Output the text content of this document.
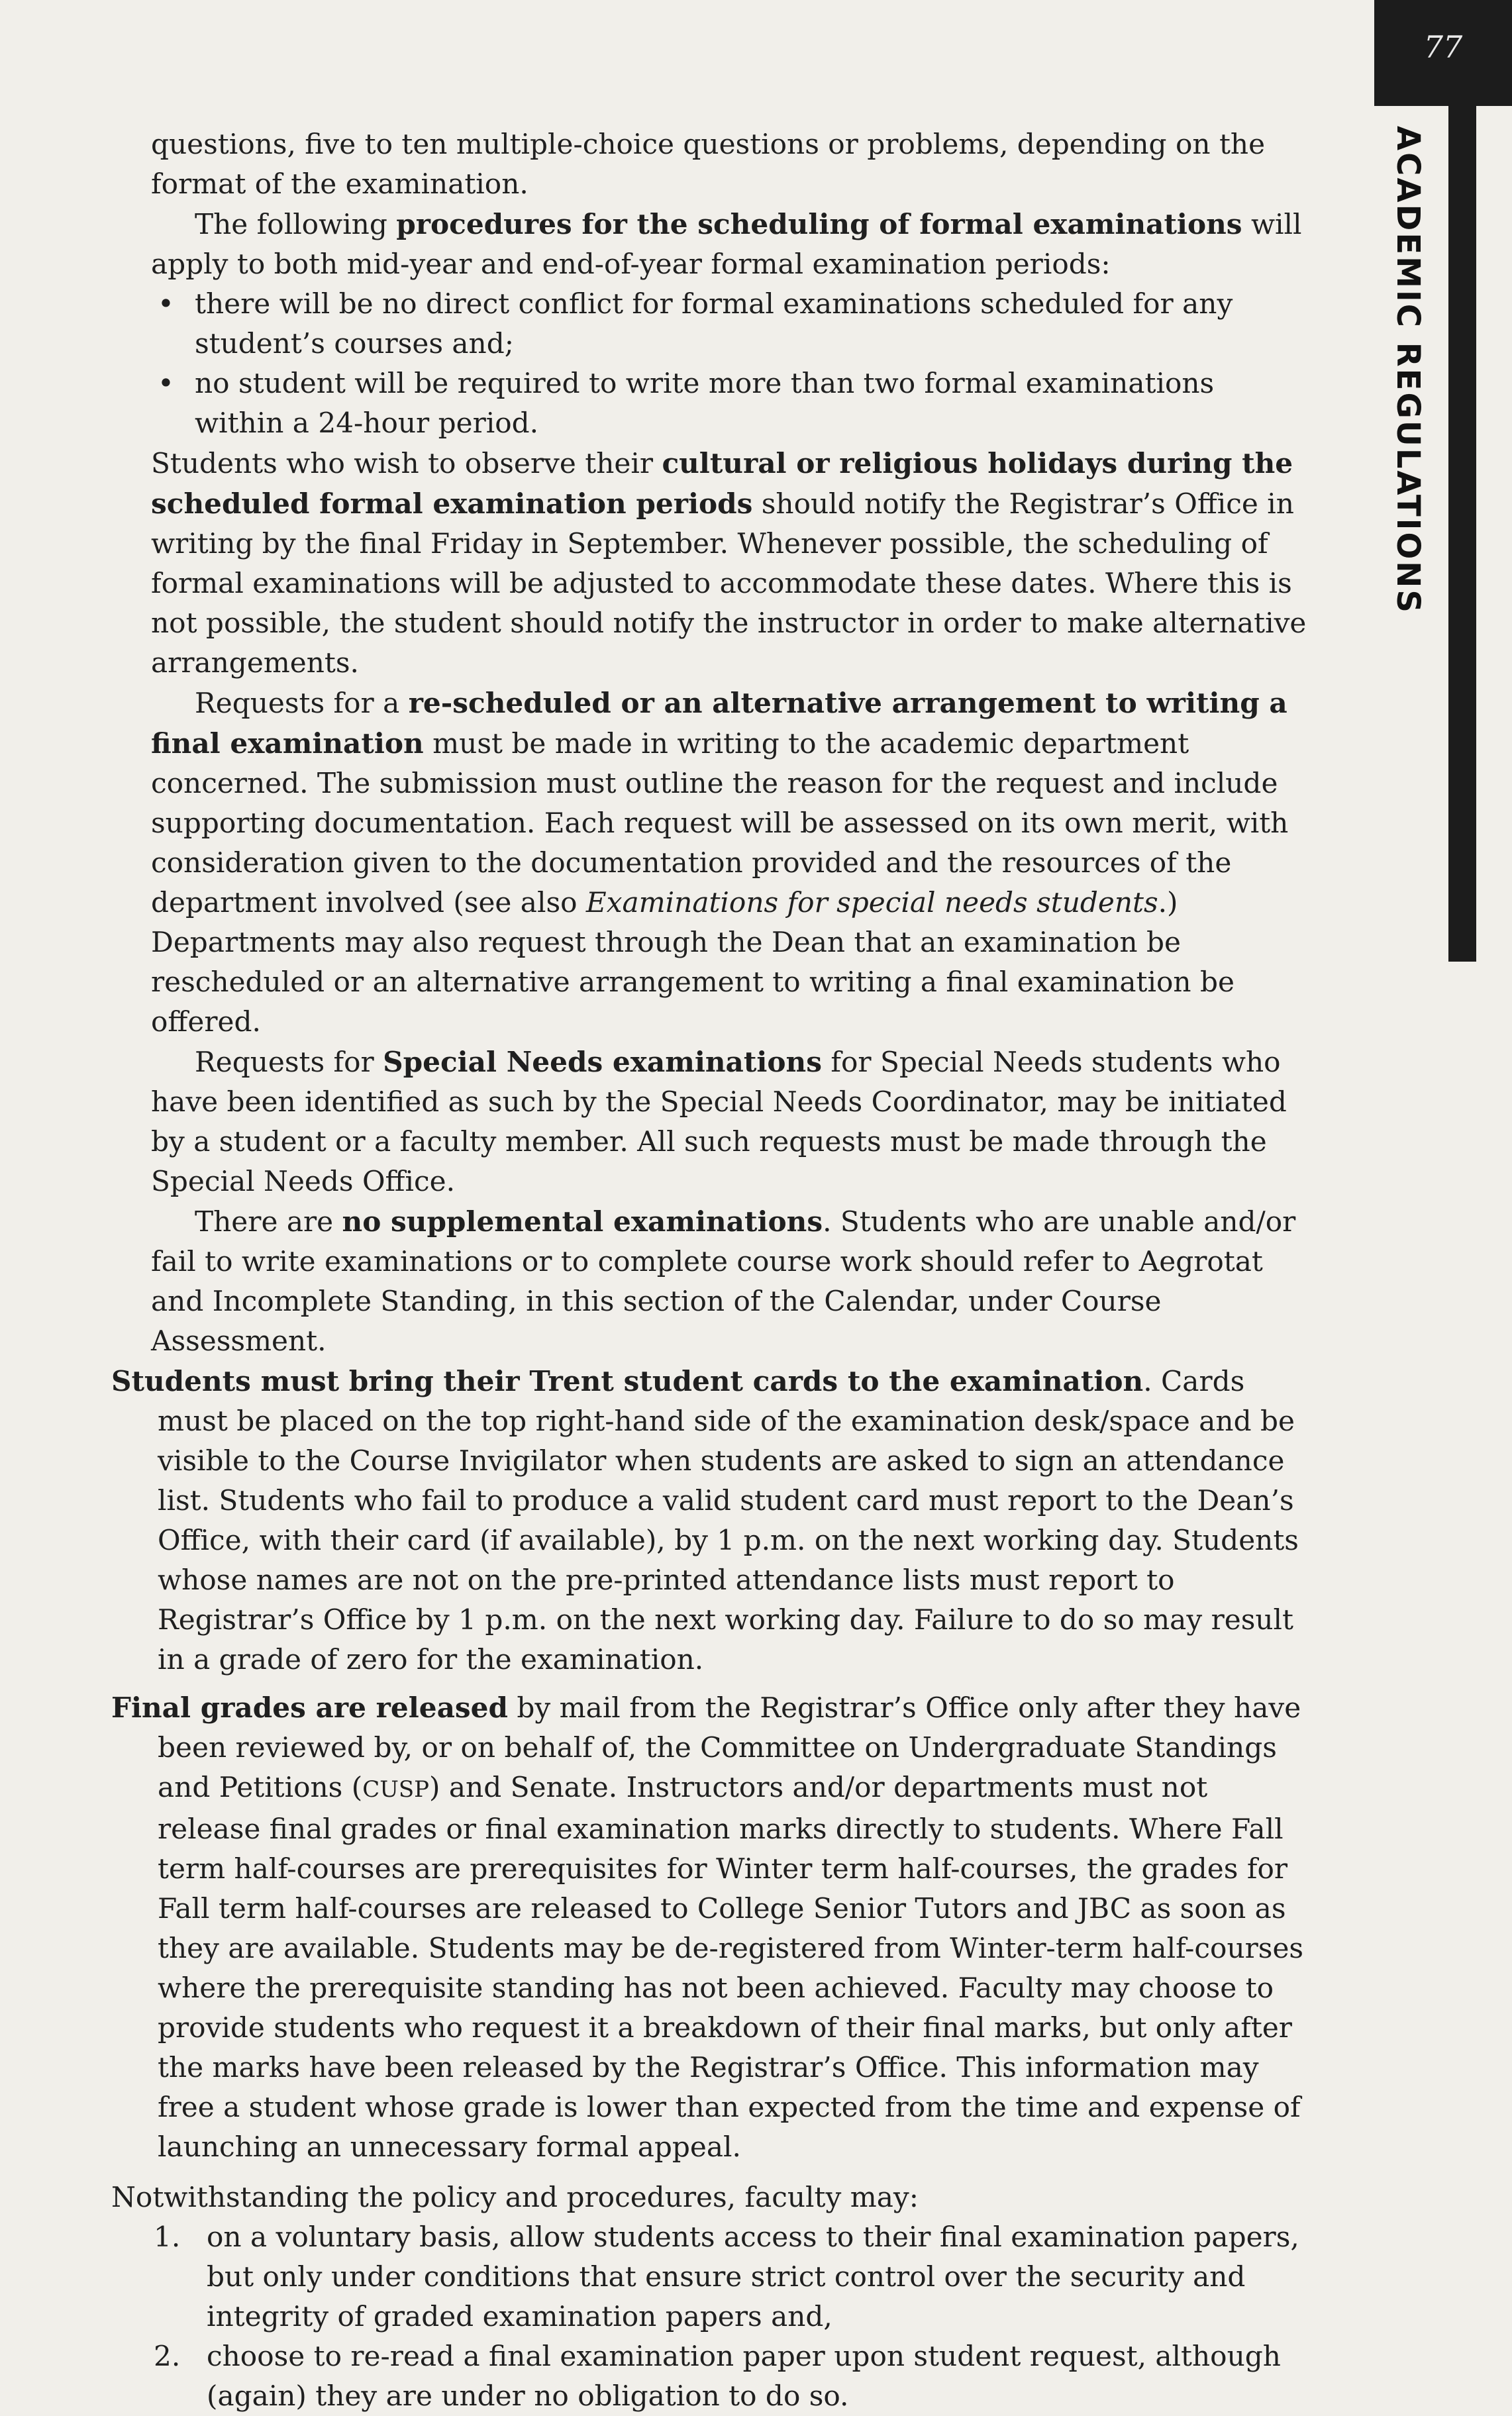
77
ACADEMIC REGULATIONS

questions, five to ten multiple-choice questions or problems, depending on the format of the examination.

The following procedures for the scheduling of formal examinations will apply to both mid-year and end-of-year formal examination periods:

• there will be no direct conflict for formal examinations scheduled for any student’s courses and;
• no student will be required to write more than two formal examinations within a 24-hour period.

Students who wish to observe their cultural or religious holidays during the scheduled formal examination periods should notify the Registrar’s Office in writing by the final Friday in September. Whenever possible, the scheduling of formal examinations will be adjusted to accommodate these dates. Where this is not possible, the student should notify the instructor in order to make alternative arrangements.

Requests for a re-scheduled or an alternative arrangement to writing a final examination must be made in writing to the academic department concerned. The submission must outline the reason for the request and include supporting documentation. Each request will be assessed on its own merit, with consideration given to the documentation provided and the resources of the department involved (see also Examinations for special needs students.) Departments may also request through the Dean that an examination be rescheduled or an alternative arrangement to writing a final examination be offered.

Requests for Special Needs examinations for Special Needs students who have been identified as such by the Special Needs Coordinator, may be initiated by a student or a faculty member. All such requests must be made through the Special Needs Office.

There are no supplemental examinations. Students who are unable and/or fail to write examinations or to complete course work should refer to Aegrotat and Incomplete Standing, in this section of the Calendar, under Course Assessment.

Students must bring their Trent student cards to the examination. Cards must be placed on the top right-hand side of the examination desk/space and be visible to the Course Invigilator when students are asked to sign an attendance list. Students who fail to produce a valid student card must report to the Dean’s Office, with their card (if available), by 1 p.m. on the next working day. Students whose names are not on the pre-printed attendance lists must report to Registrar’s Office by 1 p.m. on the next working day. Failure to do so may result in a grade of zero for the examination.

Final grades are released by mail from the Registrar’s Office only after they have been reviewed by, or on behalf of, the Committee on Undergraduate Standings and Petitions (CUSP) and Senate. Instructors and/or departments must not release final grades or final examination marks directly to students. Where Fall term half-courses are prerequisites for Winter term half-courses, the grades for Fall term half-courses are released to College Senior Tutors and JBC as soon as they are available. Students may be de-registered from Winter-term half-courses where the prerequisite standing has not been achieved. Faculty may choose to provide students who request it a breakdown of their final marks, but only after the marks have been released by the Registrar’s Office. This information may free a student whose grade is lower than expected from the time and expense of launching an unnecessary formal appeal.

Notwithstanding the policy and procedures, faculty may:

1. on a voluntary basis, allow students access to their final examination papers, but only under conditions that ensure strict control over the security and integrity of graded examination papers and,
2. choose to re-read a final examination paper upon student request, although (again) they are under no obligation to do so.
